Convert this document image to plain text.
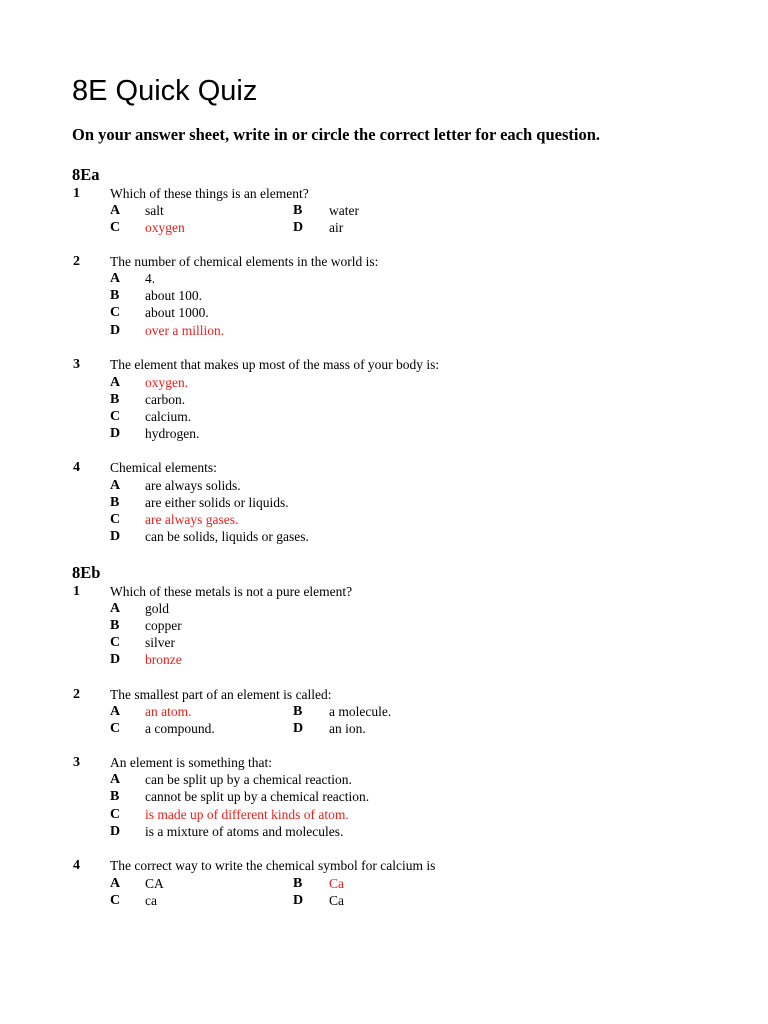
8E Quick Quiz
On your answer sheet, write in or circle the correct letter for each question.
8Ea
1 Which of these things is an element?
A salt	B water
C oxygen	D air
2 The number of chemical elements in the world is:
A 4.
B about 100.
C about 1000.
D over a million.
3 The element that makes up most of the mass of your body is:
A oxygen.
B carbon.
C calcium.
D hydrogen.
4 Chemical elements:
A are always solids.
B are either solids or liquids.
C are always gases.
D can be solids, liquids or gases.
8Eb
1 Which of these metals is not a pure element?
A gold
B copper
C silver
D bronze
2 The smallest part of an element is called:
A an atom.	B a molecule.
C a compound.	D an ion.
3 An element is something that:
A can be split up by a chemical reaction.
B cannot be split up by a chemical reaction.
C is made up of different kinds of atom.
D is a mixture of atoms and molecules.
4 The correct way to write the chemical symbol for calcium is
A CA	B Ca
C ca	D Ca
